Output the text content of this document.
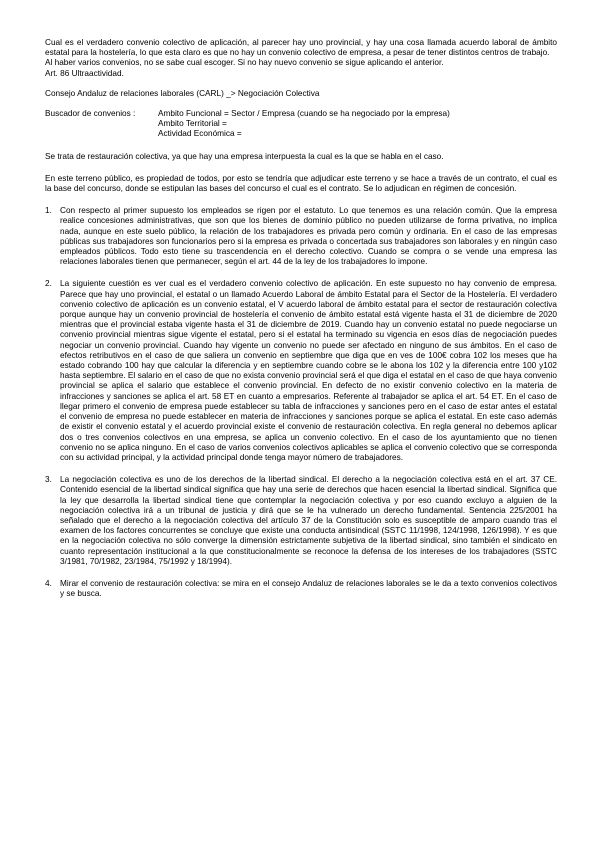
Cual es el verdadero convenio colectivo de aplicación, al parecer hay uno provincial, y hay una cosa llamada acuerdo laboral de ámbito estatal para la hostelería, lo que esta claro es que no hay un convenio colectivo de empresa, a pesar de tener distintos centros de trabajo.

Al haber varios convenios, no se sabe cual escoger. Si no hay nuevo convenio se sigue aplicando el anterior.

Art. 86 Ultraactividad.

Consejo Andaluz de relaciones laborales (CARL) _> Negociación Colectiva

Buscador de convenios :	Ambito Funcional = Sector / Empresa (cuando se ha negociado por la empresa)
Ambito Territorial =
Actividad Económica =

Se trata de restauración colectiva, ya que hay una empresa interpuesta la cual es la que se habla en el caso.

En este terreno público, es propiedad de todos, por esto se tendría que adjudicar este terreno y se hace a través de un contrato, el cual es la base del concurso, donde se estipulan las bases del concurso el cual es el contrato. Se lo adjudican en régimen de concesión.

1. Con respecto al primer supuesto los empleados se rigen por el estatuto. Lo que tenemos es una relación común. Que la empresa realice concesiones administrativas, que son que los bienes de dominio público no pueden utilizarse de forma privativa, no implica nada, aunque en este suelo público, la relación de los trabajadores es privada pero común y ordinaria. En el caso de las empresas públicas sus trabajadores son funcionarios pero si la empresa es privada o concertada sus trabajadores son laborales y en ningún caso empleados públicos. Todo esto tiene su trascendencia en el derecho colectivo. Cuando se compra o se vende una empresa las relaciones laborales tienen que permanecer, según el art. 44 de la ley de los trabajadores lo impone.
2. La siguiente cuestión es ver cual es el verdadero convenio colectivo de aplicación. En este supuesto no hay convenio de empresa. Parece que hay uno provincial, el estatal o un llamado Acuerdo Laboral de ámbito Estatal para el Sector de la Hostelería. El verdadero convenio colectivo de aplicación es un convenio estatal, el V acuerdo laboral de ámbito estatal para el sector de restauración colectiva porque aunque hay un convenio provincial de hostelería el convenio de ámbito estatal está vigente hasta el 31 de diciembre de 2020 mientras que el provincial estaba vigente hasta el 31 de diciembre de 2019. Cuando hay un convenio estatal no puede negociarse un convenio provincial mientras sigue vigente el estatal, pero si el estatal ha terminado su vigencia en esos días de negociación puedes negociar un convenio provincial. Cuando hay vigente un convenio no puede ser afectado en ninguno de sus ámbitos. En el caso de efectos retributivos en el caso de que saliera un convenio en septiembre que diga que en ves de 100€ cobra 102 los meses que ha estado cobrando 100 hay que calcular la diferencia y en septiembre cuando cobre se le abona los 102 y la diferencia entre 100 y102 hasta septiembre. El salario en el caso de que no exista convenio provincial será el que diga el estatal en el caso de que haya convenio provincial se aplica el salario que establece el convenio provincial. En defecto de no existir convenio colectivo en la materia de infracciones y sanciones se aplica el art. 58 ET en cuanto a empresarios. Referente al trabajador se aplica el art. 54 ET. En el caso de llegar primero el convenio de empresa puede establecer su tabla de infracciones y sanciones pero en el caso de estar antes el estatal el convenio de empresa no puede establecer en materia de infracciones y sanciones porque se aplica el estatal. En este caso además de existir el convenio estatal y el acuerdo provincial existe el convenio de restauración colectiva. En regla general no debemos aplicar dos o tres convenios colectivos en una empresa, se aplica un convenio colectivo. En el caso de los ayuntamiento que no tienen convenio no se aplica ninguno. En el caso de varios convenios colectivos aplicables se aplica el convenio colectivo que se corresponda con su actividad principal, y la actividad principal donde tenga mayor número de trabajadores.
3. La negociación colectiva es uno de los derechos de la libertad sindical. El derecho a la negociación colectiva está en el art. 37 CE. Contenido esencial de la libertad sindical significa que hay una serie de derechos que hacen esencial la libertad sindical. Significa que la ley que desarrolla la libertad sindical tiene que contemplar la negociación colectiva y por eso cuando excluyo a alguien de la negociación colectiva irá a un tribunal de justicia y dirá que se le ha vulnerado un derecho fundamental. Sentencia 225/2001 ha señalado que el derecho a la negociación colectiva del artículo 37 de la Constitución solo es susceptible de amparo cuando tras el examen de los factores concurrentes se concluye que existe una conducta antisindical (SSTC 11/1998, 124/1998, 126/1998). Y es que en la negociación colectiva no sólo converge la dimensión estrictamente subjetiva de la libertad sindical, sino también el sindicato en cuanto representación institucional a la que constitucionalmente se reconoce la defensa de los intereses de los trabajadores (SSTC 3/1981, 70/1982, 23/1984, 75/1992 y 18/1994).
4. Mirar el convenio de restauración colectiva: se mira en el consejo Andaluz de relaciones laborales se le da a texto convenios colectivos y se busca.
